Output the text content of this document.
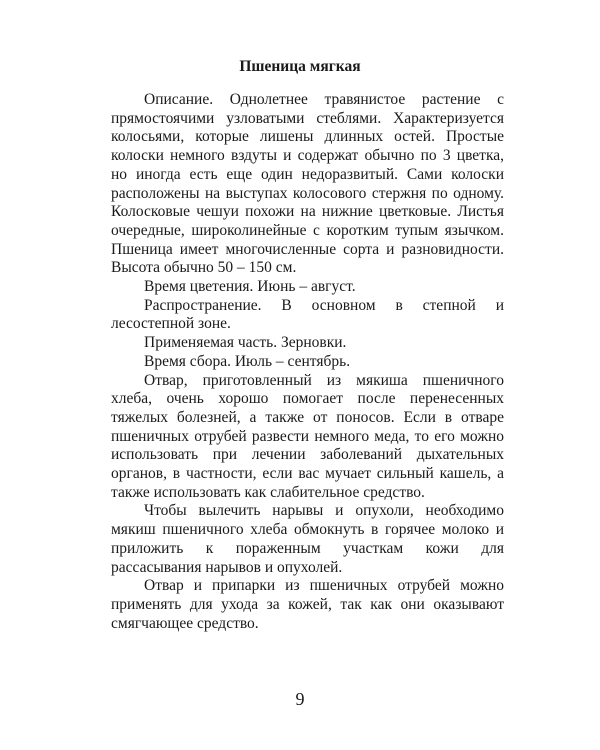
Пшеница мягкая

Описание. Однолетнее травянистое растение с прямостоячими узловатыми стеблями. Характеризуется колосьями, которые лишены длинных остей. Простые колоски немного вздуты и содержат обычно по 3 цветка, но иногда есть еще один недоразвитый. Сами колоски расположены на выступах колосового стержня по одному. Колосковые чешуи похожи на нижние цветковые. Листья очередные, широколинейные с коротким тупым язычком. Пшеница имеет многочисленные сорта и разновидности. Высота обычно 50 – 150 см.

Время цветения. Июнь – август.

Распространение. В основном в степной и лесостепной зоне.

Применяемая часть. Зерновки.

Время сбора. Июль – сентябрь.

Отвар, приготовленный из мякиша пшеничного хлеба, очень хорошо помогает после перенесенных тяжелых болезней, а также от поносов. Если в отваре пшеничных отрубей развести немного меда, то его можно использовать при лечении заболеваний дыхательных органов, в частности, если вас мучает сильный кашель, а также использовать как слабительное средство.

Чтобы вылечить нарывы и опухоли, необходимо мякиш пшеничного хлеба обмокнуть в горячее молоко и приложить к пораженным участкам кожи для рассасывания нарывов и опухолей.

Отвар и припарки из пшеничных отрубей можно применять для ухода за кожей, так как они оказывают смягчающее средство.

9
